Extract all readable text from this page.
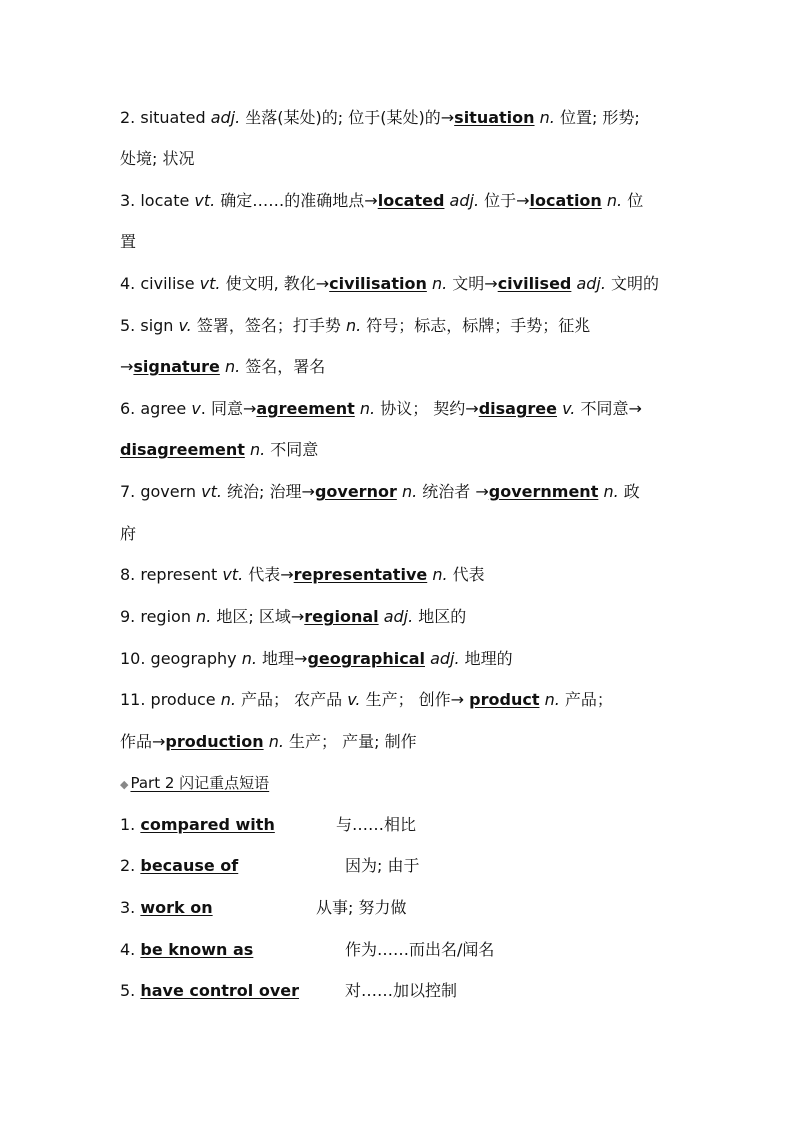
2. situated adj. 坐落(某处)的; 位于(某处)的→situation n. 位置; 形势;
处境; 状况
3. locate vt. 确定……的准确地点→located adj. 位于→location n. 位
置
4. civilise vt. 使文明, 教化→civilisation n. 文明→civilised adj. 文明的
5. sign v. 签署，签名；打手势 n. 符号；标志，标牌；手势；征兆
→signature n. 签名，署名
6. agree v. 同意→agreement n. 协议； 契约→disagree v. 不同意→
disagreement n. 不同意
7. govern vt. 统治; 治理→governor n. 统治者 →government n. 政
府
8. represent vt. 代表→representative n. 代表
9. region n. 地区; 区域→regional adj. 地区的
10. geography n. 地理→geographical adj. 地理的
11. produce n. 产品； 农产品 v. 生产； 创作→ product n. 产品；
作品→production n. 生产； 产量; 制作
◆ Part 2 闪记重点短语
1. compared with	与……相比
2. because of	因为; 由于
3. work on	从事; 努力做
4. be known as	作为……而出名/闻名
5. have control over	对……加以控制
